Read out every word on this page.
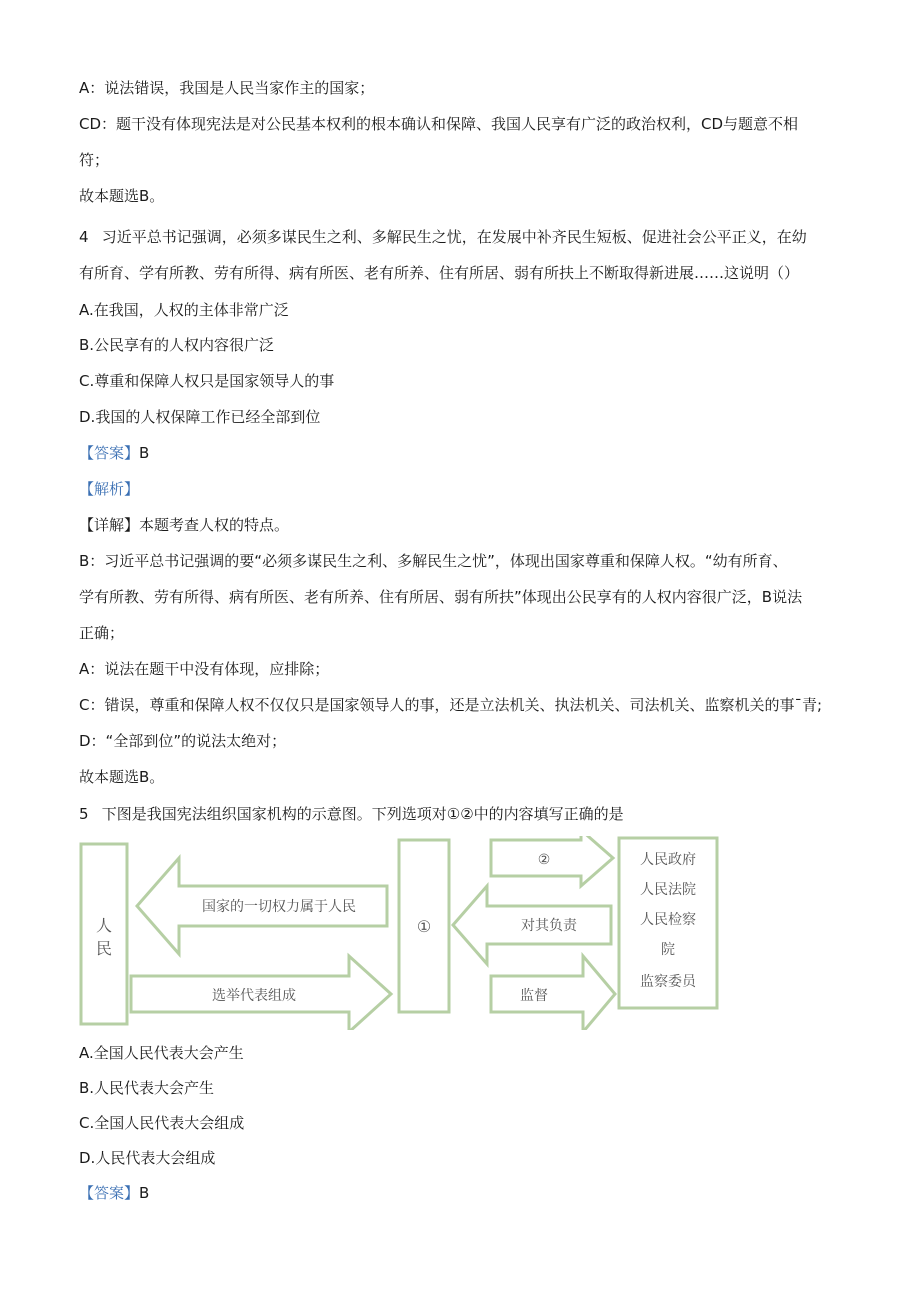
A：说法错误，我国是人民当家作主的国家；
CD：题干没有体现宪法是对公民基本权利的根本确认和保障、我国人民享有广泛的政治权利，CD与题意不相
符；
故本题选B。
4 习近平总书记强调，必须多谋民生之利、多解民生之忧，在发展中补齐民生短板、促进社会公平正义，在幼
有所育、学有所教、劳有所得、病有所医、老有所养、住有所居、弱有所扶上不断取得新进展……这说明（）
A.在我国，人权的主体非常广泛
B.公民享有的人权内容很广泛
C.尊重和保障人权只是国家领导人的事
D.我国的人权保障工作已经全部到位
【答案】B
【解析】
【详解】本题考查人权的特点。
B：习近平总书记强调的要“必须多谋民生之利、多解民生之忧”，体现出国家尊重和保障人权。“幼有所育、
学有所教、劳有所得、病有所医、老有所养、住有所居、弱有所扶”体现出公民享有的人权内容很广泛，B说法
正确；
A：说法在题干中没有体现，应排除；
C：错误，尊重和保障人权不仅仅只是国家领导人的事，还是立法机关、执法机关、司法机关、监察机关的事ˉ青;
D：“全部到位”的说法太绝对；
故本题选B。
5 下图是我国宪法组织国家机构的示意图。下列选项对①②中的内容填写正确的是
人
民
国家的一切权力属于人民
选举代表组成
①
②
对其负责
监督
人民政府
人民法院
人民检察
院
监察委员
A.全国人民代表大会产生
B.人民代表大会产生
C.全国人民代表大会组成
D.人民代表大会组成
【答案】B
